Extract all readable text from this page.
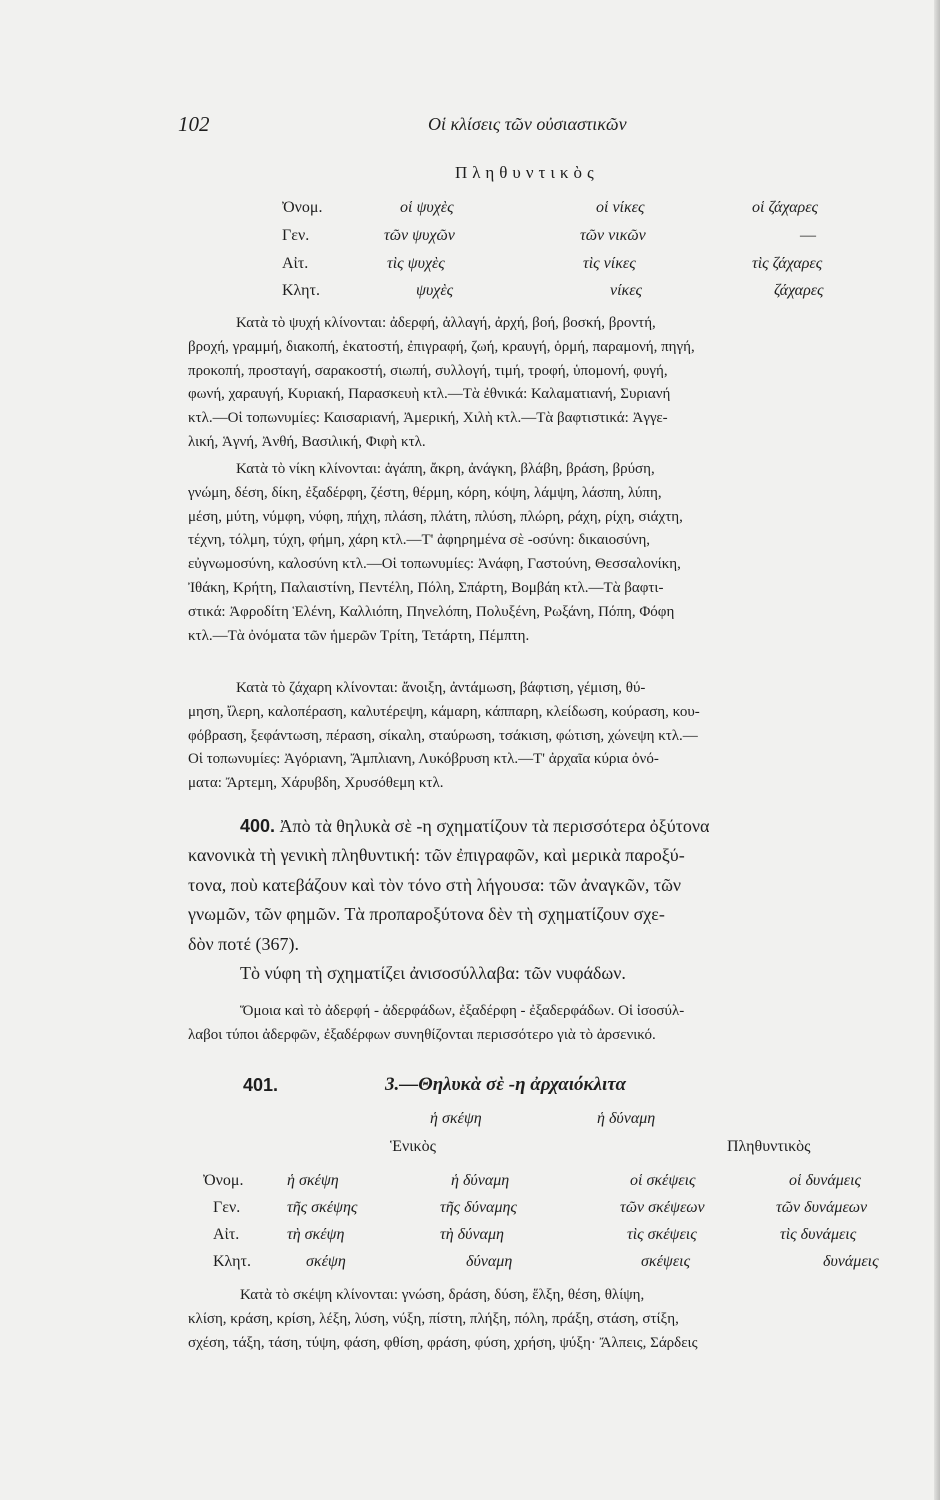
102	Οἱ κλίσεις τῶν οὐσιαστικῶν
Πληθυντικὸς
Ὀνομ.	οἱ ψυχὲς	οἱ νίκες	οἱ ζάχαρες
Γεν.	τῶν ψυχῶν	τῶν νικῶν	—
Αἰτ.	τὶς ψυχὲς	τὶς νίκες	τὶς ζάχαρες
Κλητ.	ψυχὲς	νίκες	ζάχαρες
Κατὰ τὸ ψυχή κλίνονται: ἀδερφή, ἀλλαγή, ἀρχή, βοή, βοσκή, βροντή,
βροχή, γραμμή, διακοπή, ἑκατοστή, ἐπιγραφή, ζωή, κραυγή, ὁρμή, παραμονή, πηγή,
προκοπή, προσταγή, σαρακοστή, σιωπή, συλλογή, τιμή, τροφή, ὑπομονή, φυγή,
φωνή, χαραυγή, Κυριακή, Παρασκευὴ κτλ.—Τὰ ἐθνικά: Καλαματιανή, Συριανή
κτλ.—Οἱ τοπωνυμίες: Καισαριανή, Ἀμερική, Χιλὴ κτλ.—Τὰ βαφτιστικά: Ἀγγε-
λική, Ἁγνή, Ἀνθή, Βασιλική, Φιφὴ κτλ.
Κατὰ τὸ νίκη κλίνονται: ἀγάπη, ἄκρη, ἀνάγκη, βλάβη, βράση, βρύση,
γνώμη, δέση, δίκη, ἐξαδέρφη, ζέστη, θέρμη, κόρη, κόψη, λάμψη, λάσπη, λύπη,
μέση, μύτη, νύμφη, νύφη, πήχη, πλάση, πλάτη, πλύση, πλώρη, ράχη, ρίχη, σιάχτη,
τέχνη, τόλμη, τύχη, φήμη, χάρη κτλ.—Τ' ἀφηρημένα σὲ -οσύνη: δικαιοσύνη,
εὐγνωμοσύνη, καλοσύνη κτλ.—Οἱ τοπωνυμίες: Ἀνάφη, Γαστούνη, Θεσσαλονίκη,
Ἰθάκη, Κρήτη, Παλαιστίνη, Πεντέλη, Πόλη, Σπάρτη, Βομβάη κτλ.—Τὰ βαφτι-
στικά: Ἀφροδίτη Ἑλένη, Καλλιόπη, Πηνελόπη, Πολυξένη, Ρωξάνη, Πόπη, Φόφη
κτλ.—Τὰ ὀνόματα τῶν ἡμερῶν Τρίτη, Τετάρτη, Πέμπτη.
Κατὰ τὸ ζάχαρη κλίνονται: ἄνοιξη, ἀντάμωση, βάφτιση, γέμιση, θύ-
μηση, ἴλερη, καλοπέραση, καλυτέρεψη, κάμαρη, κάππαρη, κλείδωση, κούραση, κου-
φόβραση, ξεφάντωση, πέραση, σίκαλη, σταύρωση, τσάκιση, φώτιση, χώνεψη κτλ.—
Οἱ τοπωνυμίες: Ἀγόριανη, Ἄμπλιανη, Λυκόβρυση κτλ.—Τ' ἀρχαῖα κύρια ὀνό-
ματα: Ἄρτεμη, Χάρυβδη, Χρυσόθεμη κτλ.
400. Ἀπὸ τὰ θηλυκὰ σὲ -η σχηματίζουν τὰ περισσότερα ὀξύτονα
κανονικὰ τὴ γενικὴ πληθυντική: τῶν ἐπιγραφῶν, καὶ μερικὰ παροξύ-
τονα, ποὺ κατεβάζουν καὶ τὸν τόνο στὴ λήγουσα: τῶν ἀναγκῶν, τῶν
γνωμῶν, τῶν φημῶν. Τὰ προπαροξύτονα δὲν τὴ σχηματίζουν σχε-
δὸν ποτέ (367).
Τὸ νύφη τὴ σχηματίζει ἀνισοσύλλαβα: τῶν νυφάδων.
Ὅμοια καὶ τὸ ἀδερφή - ἀδερφάδων, ἐξαδέρφη - ἐξαδερφάδων. Οἱ ἰσοσύλ-
λαβοι τύποι ἀδερφῶν, ἐξαδέρφων συνηθίζονται περισσότερο γιὰ τὸ ἀρσενικό.
401.	3.—Θηλυκὰ σὲ -η ἀρχαιόκλιτα
ἡ σκέψη	ἡ δύναμη
Ἑνικὸς	Πληθυντικὸς
Ὀνομ.	ἡ σκέψη	ἡ δύναμη	οἱ σκέψεις	οἱ δυνάμεις
Γεν.	τῆς σκέψης	τῆς δύναμης	τῶν σκέψεων	τῶν δυνάμεων
Αἰτ.	τὴ σκέψη	τὴ δύναμη	τὶς σκέψεις	τὶς δυνάμεις
Κλητ.	σκέψη	δύναμη	σκέψεις	δυνάμεις
Κατὰ τὸ σκέψη κλίνονται: γνώση, δράση, δύση, ἕλξη, θέση, θλίψη,
κλίση, κράση, κρίση, λέξη, λύση, νύξη, πίστη, πλήξη, πόλη, πράξη, στάση, στίξη,
σχέση, τάξη, τάση, τύψη, φάση, φθίση, φράση, φύση, χρήση, ψύξη· Ἄλπεις, Σάρδεις
